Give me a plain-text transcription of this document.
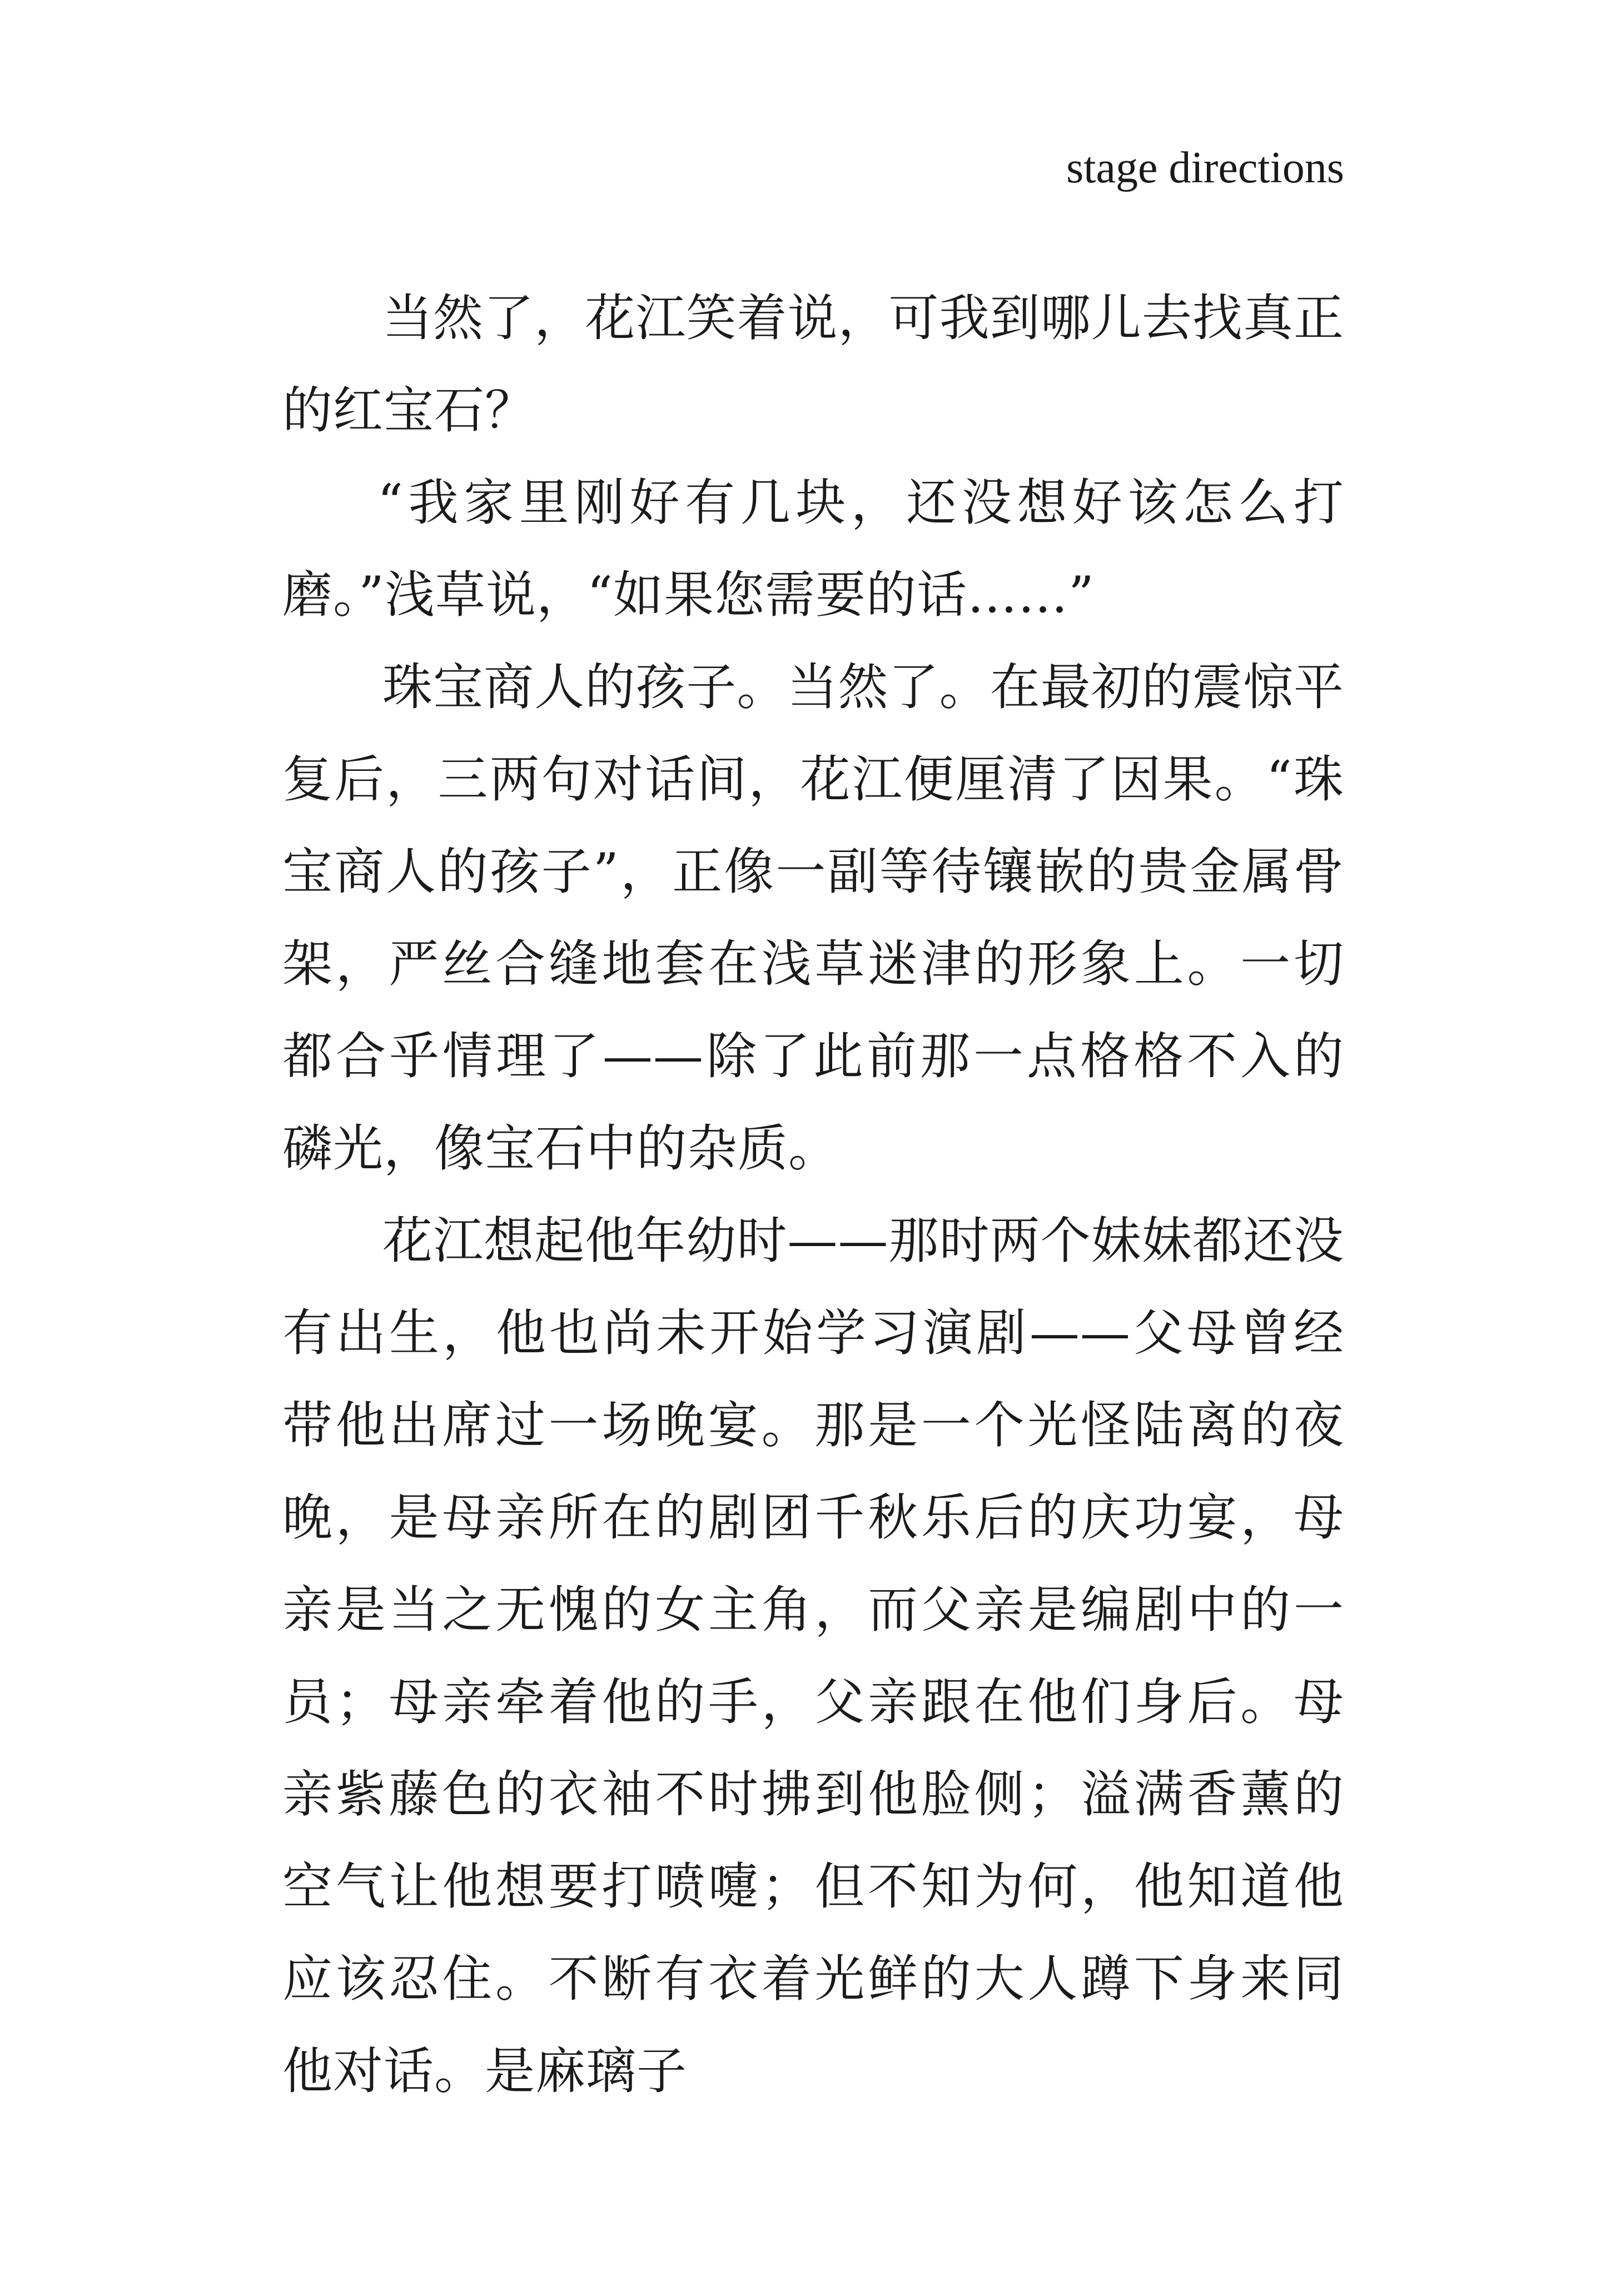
stage directions

当然了，花江笑着说，可我到哪儿去找真正的红宝石？

“我家里刚好有几块，还没想好该怎么打磨。”浅草说，“如果您需要的话……”

珠宝商人的孩子。当然了。在最初的震惊平复后，三两句对话间，花江便厘清了因果。“珠宝商人的孩子”，正像一副等待镶嵌的贵金属骨架，严丝合缝地套在浅草迷津的形象上。一切都合乎情理了——除了此前那一点格格不入的磷光，像宝石中的杂质。

花江想起他年幼时——那时两个妹妹都还没有出生，他也尚未开始学习演剧——父母曾经带他出席过一场晚宴。那是一个光怪陆离的夜晚，是母亲所在的剧团千秋乐后的庆功宴，母亲是当之无愧的女主角，而父亲是编剧中的一员；母亲牵着他的手，父亲跟在他们身后。母亲紫藤色的衣袖不时拂到他脸侧；溢满香薰的空气让他想要打喷嚏；但不知为何，他知道他应该忍住。不断有衣着光鲜的大人蹲下身来同他对话。是麻璃子
